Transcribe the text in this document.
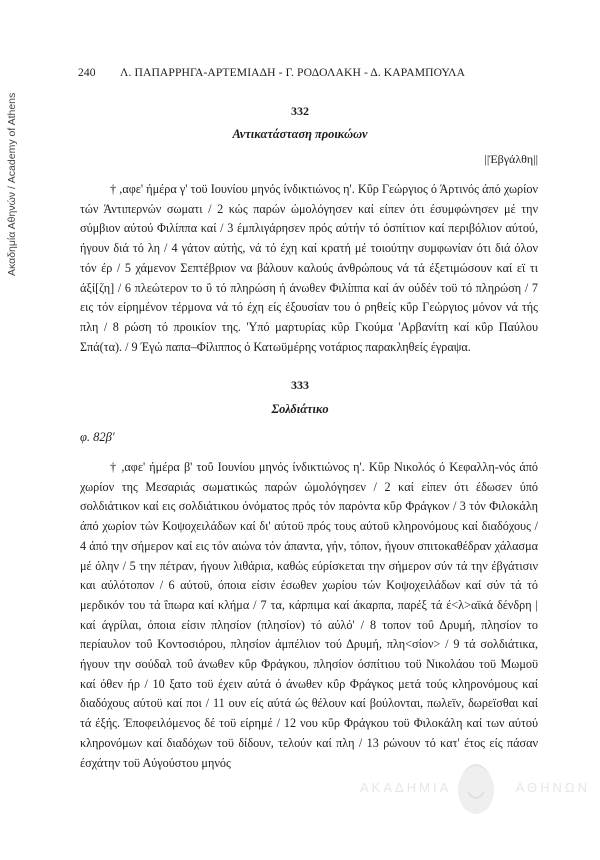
Ακαδημία Αθηνών / Academy of Athens
240 Λ. ΠΑΠΑΡΡΗΓΑ-ΑΡΤΕΜΙΑΔΗ - Γ. ΡΟΔΟΛΑΚΗ - Δ. ΚΑΡΑΜΠΟΥΛΑ
332
Αντικατάσταση προικώων
||Έβγάλθη||

† ,αφε' ήμέρα γ' τοϋ Ιουνίου μηνός ίνδικτιώνος η'. Κΰρ Γεώργιος ό Άρτινός άπό χωρίον τών Άντιπερνών σωματι / 2 κώς παρών ώμολόγησεν καί είπεν ότι έσυμφώνησεν μέ την σύμβιον αύτού Φιλίππα καί / 3 έμπλιγάρησεν πρός αύτήν τό όσπίτιον καί περιβόλιον αύτού, ήγουν διά τό λη / 4 γάτον αύτής, νά τό έχη καί κρατή μέ τοιούτην συμφωνίαν ότι διά όλον τόν έρ / 5 χάμενον Σεπτέβριον να βάλουν καλούς άνθρώπους νά τά έξετιμώσουν καί εϊ τι άξί[ζη] / 6 πλεώτερον το ΰ τό πληρώση ή άνωθεν Φιλίππα καί άν ούδέν τοϋ τό πληρώση / 7 εις τόν είρημένον τέρμονα νά τό έχη είς έξουσίαν του ό ρηθείς κΰρ Γεώργιος μόνον νά τής πλη / 8 ρώση τό προικίον της. 'Υπό μαρτυρίας κΰρ Γκούμα 'Αρβανίτη καί κΰρ Παύλου Σπά(τα). / 9 Έγώ παπα–Φίλιππος ό Κατωϋμέρης νοτάριος παρακληθείς έγραψα.

333
Σολδιάτικο
φ. 82β'

† ,αφε' ήμέρα β' τοΰ Ιουνίου μηνός ίνδικτιώνος η'. Κΰρ Νικολός ό Κεφαλλη-νός άπό χωρίον της Μεσαριάς σωματικώς παρών ώμολόγησεν / 2 καί είπεν ότι έδωσεν ύπό σολδιάτικον καί εις σολδιάτικου όνόματος πρός τόν παρόντα κΰρ Φράγκον / 3 τόν Φιλοκάλη άπό χωρίον τών Κοψοχειλάδων καί δι' αύτοϋ πρός τους αύτοϋ κληρονόμους καί διαδόχους / 4 άπό την σήμερον καί εις τόν αιώνα τόν άπαντα, γήν, τόπον, ήγουν σπιτοκαθέδραν χάλασμα μέ όλην / 5 την πέτραν, ήγουν λιθάρια, καθώς εύρίσκεται την σήμερον σύν τά την έβγάτισιν και αύλότοπον / 6 αύτοϋ, όποια είσιν έσωθεν χωρίου τών Κοψοχειλάδων καί σύν τά τό μερδικόν του τά ΐπωρα καί κλήμα / 7 τα, κάρπιμα καί άκαρπα, παρέξ τά έ<λ>αϊκά δένδρη |καί άγρίλαι, όποια είσιν πλησίον (πλησίον) τό αύλό' / 8 τοπον τοΰ Δρυμή, πλησίον το περίαυλον τοΰ Κοντοσιόρου, πλησίον άμπέλιον τού Δρυμή, πλη<σίον> / 9 τά σολδιάτικα, ήγουν την σούδαλ τοΰ άνωθεν κΰρ Φράγκου, πλησίον όσπίτιου τοϋ Νικολάου τοϋ Μωμοϋ καί όθεν ήρ / 10 ξατο τοϋ έχειν αύτά ό άνωθεν κΰρ Φράγκος μετά τούς κληρονόμους καί διαδόχους αύτοϋ καί ποι / 11 ουν είς αύτά ώς θέλουν καί βούλονται, πωλεϊν, δωρεϊσθαι καί τά έξής. Έποφειλόμενος δέ τοϋ είρημέ / 12 νου κΰρ Φράγκου τοϋ Φιλοκάλη καί των αύτού κληρονόμων καί διαδόχων τοϋ δίδουν, τελούν καί πλη / 13 ρώνουν τό κατ' έτος είς πάσαν έσχάτην τοϋ Αύγούστου μηνός

ΑΚΑΔΗΜΙΑ	ΑΘΗΝΩΝ
